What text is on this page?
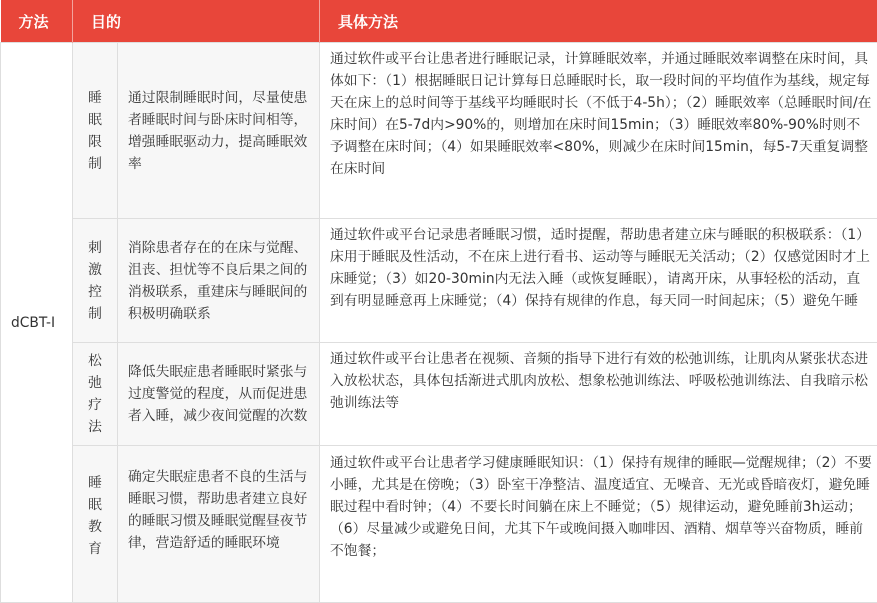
方法	目的		具体方法
dCBT-I	睡眠限制	通过限制睡眠时间，尽量使患者睡眠时间与卧床时间相等，增强睡眠驱动力，提高睡眠效率	通过软件或平台让患者进行睡眠记录，计算睡眠效率，并通过睡眠效率调整在床时间，具体如下：（1）根据睡眠日记计算每日总睡眠时长，取一段时间的平均值作为基线，规定每天在床上的总时间等于基线平均睡眠时长（不低于4-5h）；（2）睡眠效率（总睡眠时间/在床时间）在5-7d内>90%的，则增加在床时间15min；（3）睡眠效率80%-90%时则不予调整在床时间；（4）如果睡眠效率<80%，则减少在床时间15min，每5-7天重复调整在床时间
	刺激控制	消除患者存在的在床与觉醒、沮丧、担忧等不良后果之间的消极联系，重建床与睡眠间的积极明确联系	通过软件或平台记录患者睡眠习惯，适时提醒，帮助患者建立床与睡眠的积极联系：（1）床用于睡眠及性活动，不在床上进行看书、运动等与睡眠无关活动；（2）仅感觉困时才上床睡觉；（3）如20-30min内无法入睡（或恢复睡眠），请离开床，从事轻松的活动，直到有明显睡意再上床睡觉；（4）保持有规律的作息，每天同一时间起床；（5）避免午睡
	松弛疗法	降低失眠症患者睡眠时紧张与过度警觉的程度，从而促进患者入睡，减少夜间觉醒的次数	通过软件或平台让患者在视频、音频的指导下进行有效的松弛训练，让肌肉从紧张状态进入放松状态，具体包括渐进式肌肉放松、想象松弛训练法、呼吸松弛训练法、自我暗示松弛训练法等
	睡眠教育	确定失眠症患者不良的生活与睡眠习惯，帮助患者建立良好的睡眠习惯及睡眠觉醒昼夜节律，营造舒适的睡眠环境	通过软件或平台让患者学习健康睡眠知识：（1）保持有规律的睡眠—觉醒规律；（2）不要小睡，尤其是在傍晚；（3）卧室干净整洁、温度适宜、无噪音、无光或昏暗夜灯，避免睡眠过程中看时钟；（4）不要长时间躺在床上不睡觉；（5）规律运动，避免睡前3h运动；（6）尽量减少或避免日间，尤其下午或晚间摄入咖啡因、酒精、烟草等兴奋物质，睡前不饱餐；
